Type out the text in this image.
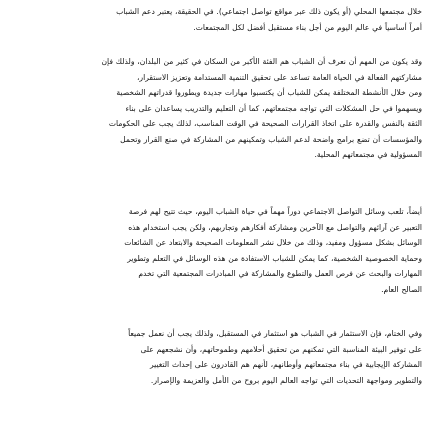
خلال مجتمعها المحلي (أو يكون ذلك عبر مواقع تواصل اجتماعي). في الحقيقة، يعتبر دعم الشباب
أمراً أساسياً في عالم اليوم من أجل بناء مستقبل أفضل لكل المجتمعات.
وقد يكون من المهم أن نعرف أن الشباب هم الفئة الأكبر من السكان في كثير من البلدان، ولذلك فإن
مشاركتهم الفعالة في الحياة العامة تساعد على تحقيق التنمية المستدامة وتعزيز الاستقرار،
ومن خلال الأنشطة المختلفة يمكن للشباب أن يكتسبوا مهارات جديدة ويطوروا قدراتهم الشخصية
ويسهموا في حل المشكلات التي تواجه مجتمعاتهم، كما أن التعليم والتدريب يساعدان على بناء
الثقة بالنفس والقدرة على اتخاذ القرارات الصحيحة في الوقت المناسب، لذلك يجب على الحكومات
والمؤسسات أن تضع برامج واضحة لدعم الشباب وتمكينهم من المشاركة في صنع القرار وتحمل
المسؤولية في مجتمعاتهم المحلية.
أيضاً، تلعب وسائل التواصل الاجتماعي دوراً مهماً في حياة الشباب اليوم، حيث تتيح لهم فرصة
التعبير عن آرائهم والتواصل مع الآخرين ومشاركة أفكارهم وتجاربهم، ولكن يجب استخدام هذه
الوسائل بشكل مسؤول ومفيد، وذلك من خلال نشر المعلومات الصحيحة والابتعاد عن الشائعات
وحماية الخصوصية الشخصية، كما يمكن للشباب الاستفادة من هذه الوسائل في التعلم وتطوير
المهارات والبحث عن فرص العمل والتطوع والمشاركة في المبادرات المجتمعية التي تخدم
الصالح العام.
وفي الختام، فإن الاستثمار في الشباب هو استثمار في المستقبل، ولذلك يجب أن نعمل جميعاً
على توفير البيئة المناسبة التي تمكنهم من تحقيق أحلامهم وطموحاتهم، وأن نشجعهم على
المشاركة الإيجابية في بناء مجتمعاتهم وأوطانهم، لأنهم هم القادرون على إحداث التغيير
والتطوير ومواجهة التحديات التي تواجه العالم اليوم بروح من الأمل والعزيمة والإصرار.
